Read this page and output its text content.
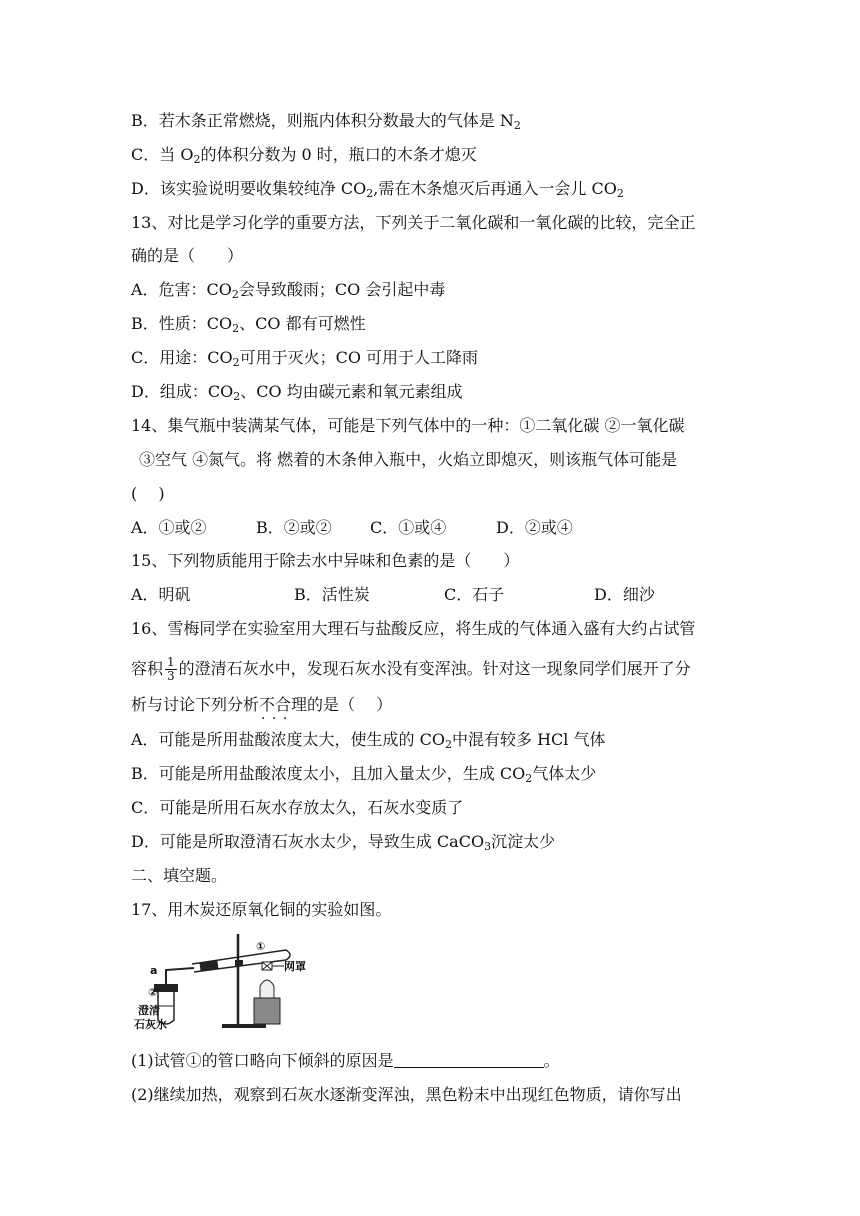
B．若木条正常燃烧，则瓶内体积分数最大的气体是 $N_2$
C．当 $O_2$的体积分数为 0 时，瓶口的木条才熄灭
D．该实验说明要收集较纯净 $CO_2$,需在木条熄灭后再通入一会儿 $CO_2$
13、对比是学习化学的重要方法，下列关于二氧化碳和一氧化碳的比较，完全正
确的是（　　）
A．危害：$CO_2$会导致酸雨；CO 会引起中毒
B．性质：$CO_2$、CO 都有可燃性
C．用途：$CO_2$可用于灭火；CO 可用于人工降雨
D．组成：$CO_2$、CO 均由碳元素和氧元素组成
14、集气瓶中装满某气体，可能是下列气体中的一种：①二氧化碳 ②一氧化碳
③空气 ④氮气。将 燃着的木条伸入瓶中，火焰立即熄灭，则该瓶气体可能是
(　 )
A．①或②	B．②或② C．①或④	D．②或④
15、下列物质能用于除去水中异味和色素的是（　　）
A．明矾	B．活性炭	C．石子	D．细沙
16、雪梅同学在实验室用大理石与盐酸反应，将生成的气体通入盛有大约占试管
容积 $\frac{1}{3}$ 的澄清石灰水中，发现石灰水没有变浑浊。针对这一现象同学们展开了分
析与讨论下列分析不合理 · · ·的是（　 ）
A．可能是所用盐酸浓度太大，使生成的 $CO_2$中混有较多 HCl 气体
B．可能是所用盐酸浓度太小，且加入量太少，生成 $CO_2$气体太少
C．可能是所用石灰水存放太久，石灰水变质了
D．可能是所取澄清石灰水太少，导致生成 CaCO$_3$沉淀太少
二、填空题。
17、用木炭还原氧化铜的实验如图。
a
①
②
网罩
澄清
石灰水
(1)试管①的管口略向下倾斜的原因是	。
(2)继续加热，观察到石灰水逐渐变浑浊，黑色粉末中出现红色物质，请你写出
